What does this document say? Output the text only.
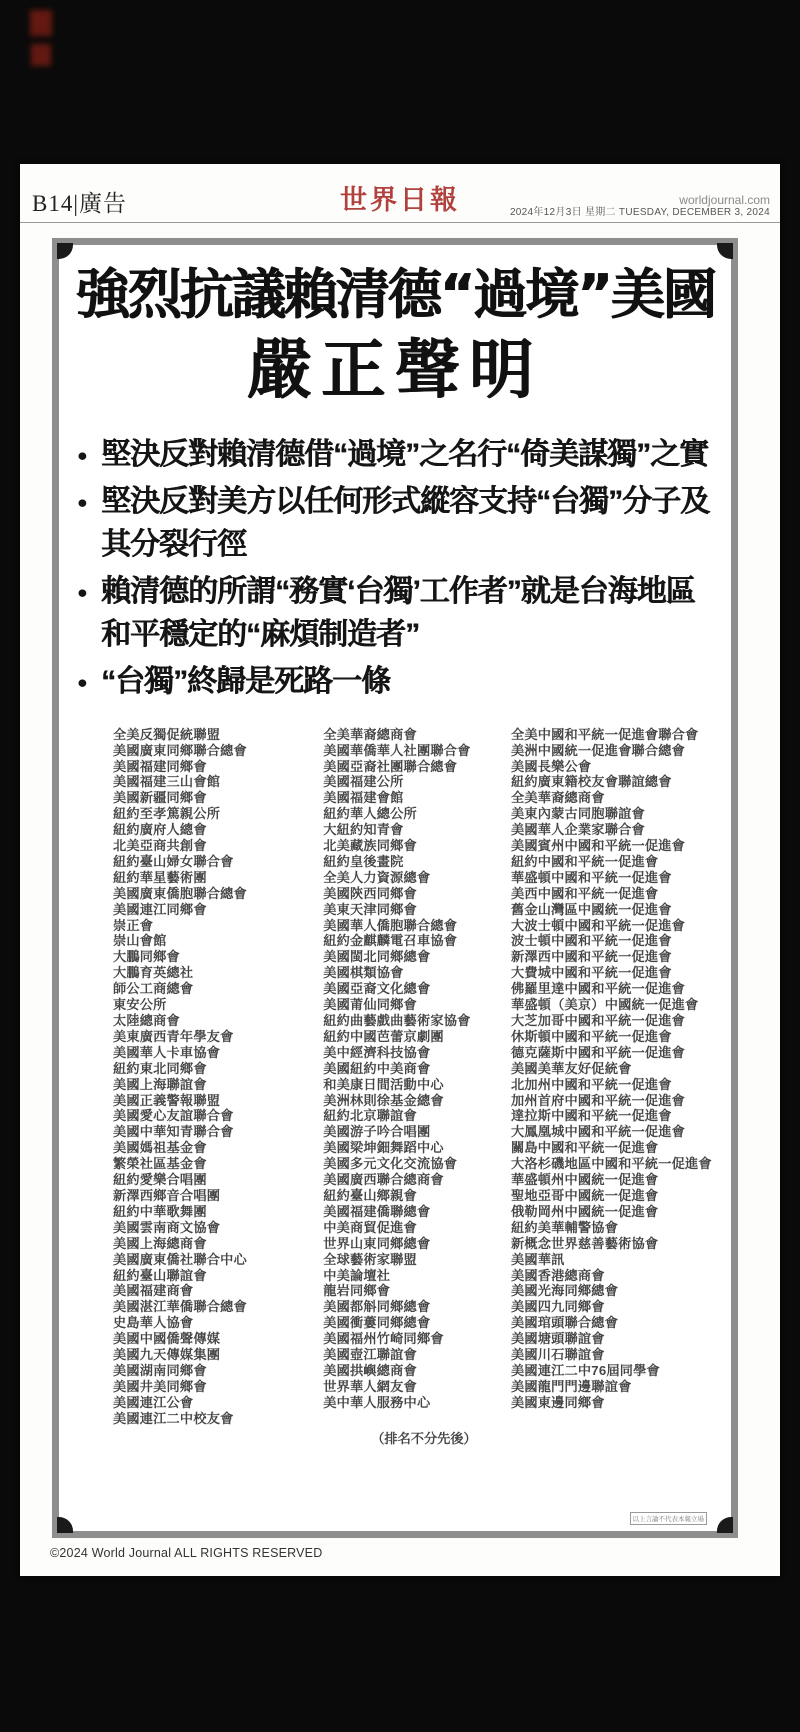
B14|廣告	世界日報	worldjournal.com
2024年12月3日 星期二 TUESDAY, DECEMBER 3, 2024
強烈抗議賴清德“過境”美國
嚴正聲明
● 堅決反對賴清德借“過境”之名行“倚美謀獨”之實
● 堅決反對美方以任何形式縱容支持“台獨”分子及其分裂行徑
● 賴清德的所謂“務實‘台獨’工作者”就是台海地區和平穩定的“麻煩制造者”
● “台獨”終歸是死路一條
全美反獨促統聯盟
美國廣東同鄉聯合總會
美國福建同鄉會
美國福建三山會館
美國新疆同鄉會
紐約至孝篤親公所
紐約廣府人總會
北美亞商共創會
紐約臺山婦女聯合會
紐約華星藝術團
美國廣東僑胞聯合總會
美國連江同鄉會
崇正會
崇山會館
大鵬同鄉會
大鵬育英總社
師公工商總會
東安公所
太陸總商會
美東廣西青年學友會
美國華人卡車協會
紐約東北同鄉會
美國上海聯誼會
美國正義警報聯盟
美國愛心友誼聯合會
美國中華知青聯合會
美國媽祖基金會
繁榮社區基金會
紐約愛樂合唱團
新澤西鄉音合唱團
紐約中華歌舞團
美國雲南商文協會
美國上海總商會
美國廣東僑社聯合中心
紐約臺山聯誼會
美國福建商會
美國湛江華僑聯合總會
史島華人協會
美國中國僑聲傳媒
美國九天傳媒集團
美國湖南同鄉會
美國井美同鄉會
美國連江公會
美國連江二中校友會
全美華裔總商會
美國華僑華人社團聯合會
美國亞裔社團聯合總會
美國福建公所
美國福建會館
紐約華人總公所
大紐約知青會
北美藏族同鄉會
紐約皇後畫院
全美人力資源總會
美國陝西同鄉會
美東天津同鄉會
美國華人僑胞聯合總會
紐約金麒麟電召車協會
美國閩北同鄉總會
美國棋類協會
美國亞裔文化總會
美國莆仙同鄉會
紐約曲藝戲曲藝術家協會
紐約中國芭蕾京劇團
美中經濟科技協會
美國紐約中美商會
和美康日間活動中心
美洲林則徐基金總會
紐約北京聯誼會
美國游子吟合唱團
美國梁坤鈿舞蹈中心
美國多元文化交流協會
美國廣西聯合總商會
紐約臺山鄉親會
美國福建僑聯總會
中美商貿促進會
世界山東同鄉總會
全球藝術家聯盟
中美論壇社
龍岩同鄉會
美國都斛同鄉總會
美國衝蔞同鄉總會
美國福州竹崎同鄉會
美國壺江聯誼會
美國拱嶼總商會
世界華人網友會
美中華人服務中心
全美中國和平統一促進會聯合會
美洲中國統一促進會聯合總會
美國長樂公會
紐約廣東籍校友會聯誼總會
全美華裔總商會
美東內蒙古同胞聯誼會
美國華人企業家聯合會
美國賓州中國和平統一促進會
紐約中國和平統一促進會
華盛頓中國和平統一促進會
美西中國和平統一促進會
舊金山灣區中國統一促進會
大波士頓中國和平統一促進會
波士頓中國和平統一促進會
新澤西中國和平統一促進會
大費城中國和平統一促進會
佛羅里達中國和平統一促進會
華盛頓（美京）中國統一促進會
大芝加哥中國和平統一促進會
休斯頓中國和平統一促進會
德克薩斯中國和平統一促進會
美國美華友好促統會
北加州中國和平統一促進會
加州首府中國和平統一促進會
達拉斯中國和平統一促進會
大鳳凰城中國和平統一促進會
關島中國和平統一促進會
大洛杉磯地區中國和平統一促進會
華盛頓州中國統一促進會
聖地亞哥中國統一促進會
俄勒岡州中國統一促進會
紐約美華輔警協會
新概念世界慈善藝術協會
美國華訊
美國香港總商會
美國光海同鄉總會
美國四九同鄉會
美國琯頭聯合總會
美國塘頭聯誼會
美國川石聯誼會
美國連江二中76屆同學會
美國龍門門邊聯誼會
美國東邊同鄉會
（排名不分先後）
以上言論不代表本報立場
©2024 World Journal ALL RIGHTS RESERVED
